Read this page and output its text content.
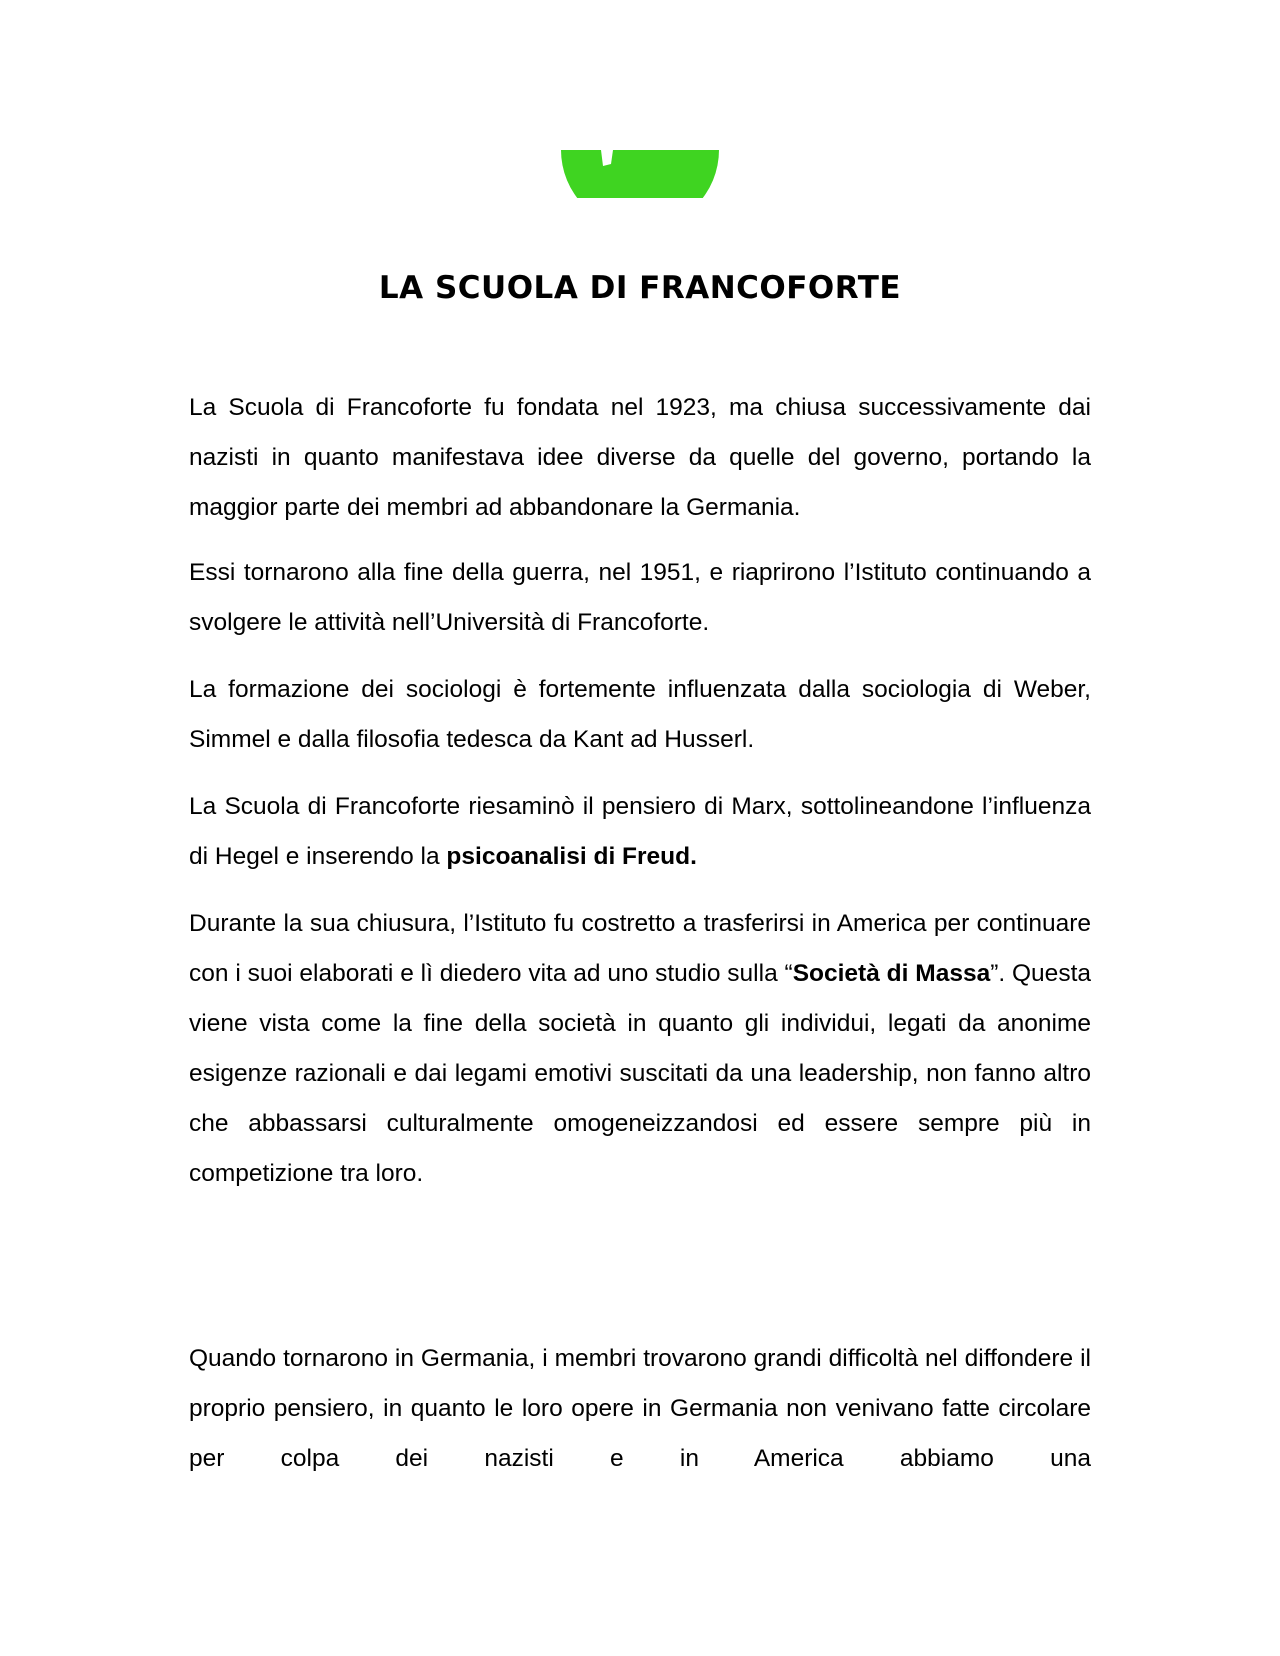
LA SCUOLA DI FRANCOFORTE

La Scuola di Francoforte fu fondata nel 1923, ma chiusa successivamente dai nazisti in quanto manifestava idee diverse da quelle del governo, portando la maggior parte dei membri ad abbandonare la Germania.

Essi tornarono alla fine della guerra, nel 1951, e riaprirono l’Istituto continuando a svolgere le attività nell’Università di Francoforte.

La formazione dei sociologi è fortemente influenzata dalla sociologia di Weber, Simmel e dalla filosofia tedesca da Kant ad Husserl.

La Scuola di Francoforte riesaminò il pensiero di Marx, sottolineandone l’influenza di Hegel e inserendo la psicoanalisi di Freud.

Durante la sua chiusura, l’Istituto fu costretto a trasferirsi in America per continuare con i suoi elaborati e lì diedero vita ad uno studio sulla “Società di Massa”. Questa viene vista come la fine della società in quanto gli individui, legati da anonime esigenze razionali e dai legami emotivi suscitati da una leadership, non fanno altro che abbassarsi culturalmente omogeneizzandosi ed essere sempre più in competizione tra loro.

Quando tornarono in Germania, i membri trovarono grandi difficoltà nel diffondere il proprio pensiero, in quanto le loro opere in Germania non venivano fatte circolare per colpa dei nazisti e in America abbiamo una
